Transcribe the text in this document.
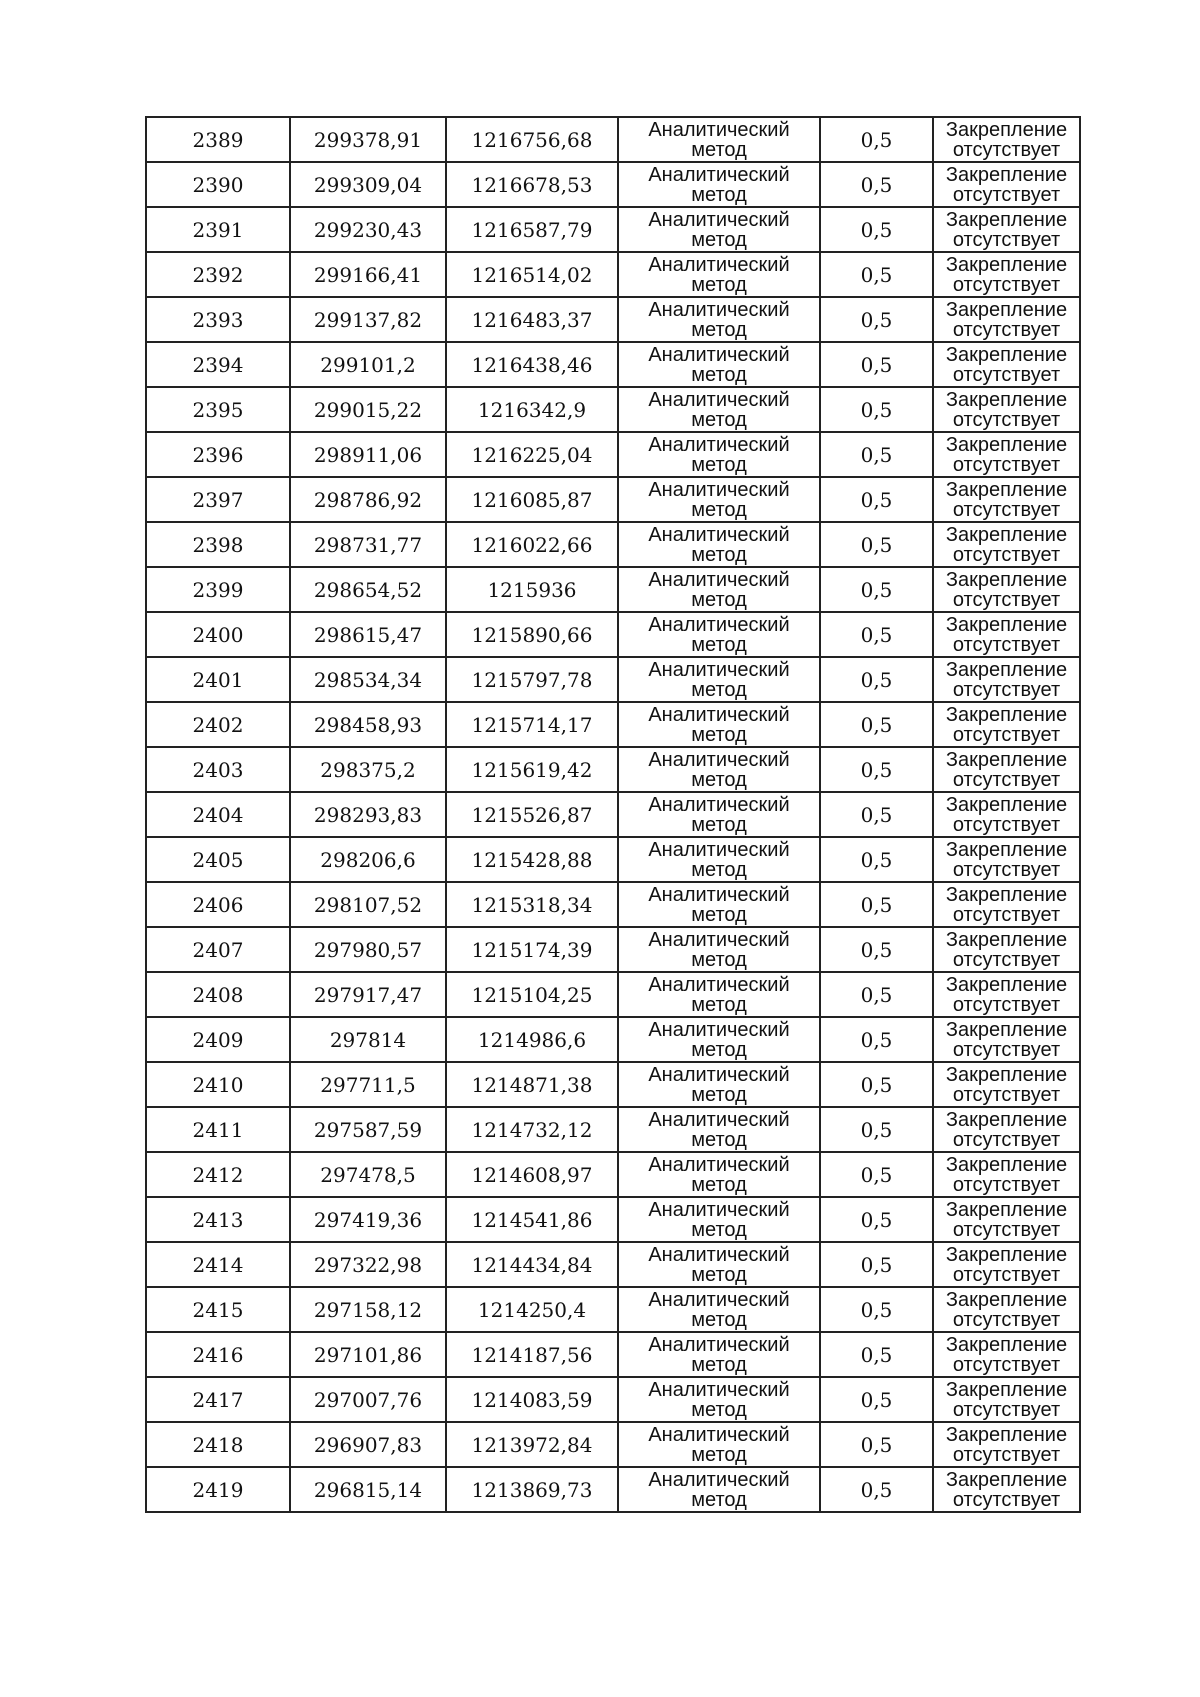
2389	299378,91	1216756,68	Аналитический
метод	0,5	Закрепление
отсутствует

2390	299309,04	1216678,53	Аналитический
метод	0,5	Закрепление
отсутствует

2391	299230,43	1216587,79	Аналитический
метод	0,5	Закрепление
отсутствует

2392	299166,41	1216514,02	Аналитический
метод	0,5	Закрепление
отсутствует

2393	299137,82	1216483,37	Аналитический
метод	0,5	Закрепление
отсутствует

2394	299101,2	1216438,46	Аналитический
метод	0,5	Закрепление
отсутствует

2395	299015,22	1216342,9	Аналитический
метод	0,5	Закрепление
отсутствует

2396	298911,06	1216225,04	Аналитический
метод	0,5	Закрепление
отсутствует

2397	298786,92	1216085,87	Аналитический
метод	0,5	Закрепление
отсутствует

2398	298731,77	1216022,66	Аналитический
метод	0,5	Закрепление
отсутствует

2399	298654,52	1215936	Аналитический
метод	0,5	Закрепление
отсутствует

2400	298615,47	1215890,66	Аналитический
метод	0,5	Закрепление
отсутствует

2401	298534,34	1215797,78	Аналитический
метод	0,5	Закрепление
отсутствует

2402	298458,93	1215714,17	Аналитический
метод	0,5	Закрепление
отсутствует

2403	298375,2	1215619,42	Аналитический
метод	0,5	Закрепление
отсутствует

2404	298293,83	1215526,87	Аналитический
метод	0,5	Закрепление
отсутствует

2405	298206,6	1215428,88	Аналитический
метод	0,5	Закрепление
отсутствует

2406	298107,52	1215318,34	Аналитический
метод	0,5	Закрепление
отсутствует

2407	297980,57	1215174,39	Аналитический
метод	0,5	Закрепление
отсутствует

2408	297917,47	1215104,25	Аналитический
метод	0,5	Закрепление
отсутствует

2409	297814	1214986,6	Аналитический
метод	0,5	Закрепление
отсутствует

2410	297711,5	1214871,38	Аналитический
метод	0,5	Закрепление
отсутствует

2411	297587,59	1214732,12	Аналитический
метод	0,5	Закрепление
отсутствует

2412	297478,5	1214608,97	Аналитический
метод	0,5	Закрепление
отсутствует

2413	297419,36	1214541,86	Аналитический
метод	0,5	Закрепление
отсутствует

2414	297322,98	1214434,84	Аналитический
метод	0,5	Закрепление
отсутствует

2415	297158,12	1214250,4	Аналитический
метод	0,5	Закрепление
отсутствует

2416	297101,86	1214187,56	Аналитический
метод	0,5	Закрепление
отсутствует

2417	297007,76	1214083,59	Аналитический
метод	0,5	Закрепление
отсутствует

2418	296907,83	1213972,84	Аналитический
метод	0,5	Закрепление
отсутствует

2419	296815,14	1213869,73	Аналитический
метод	0,5	Закрепление
отсутствует
